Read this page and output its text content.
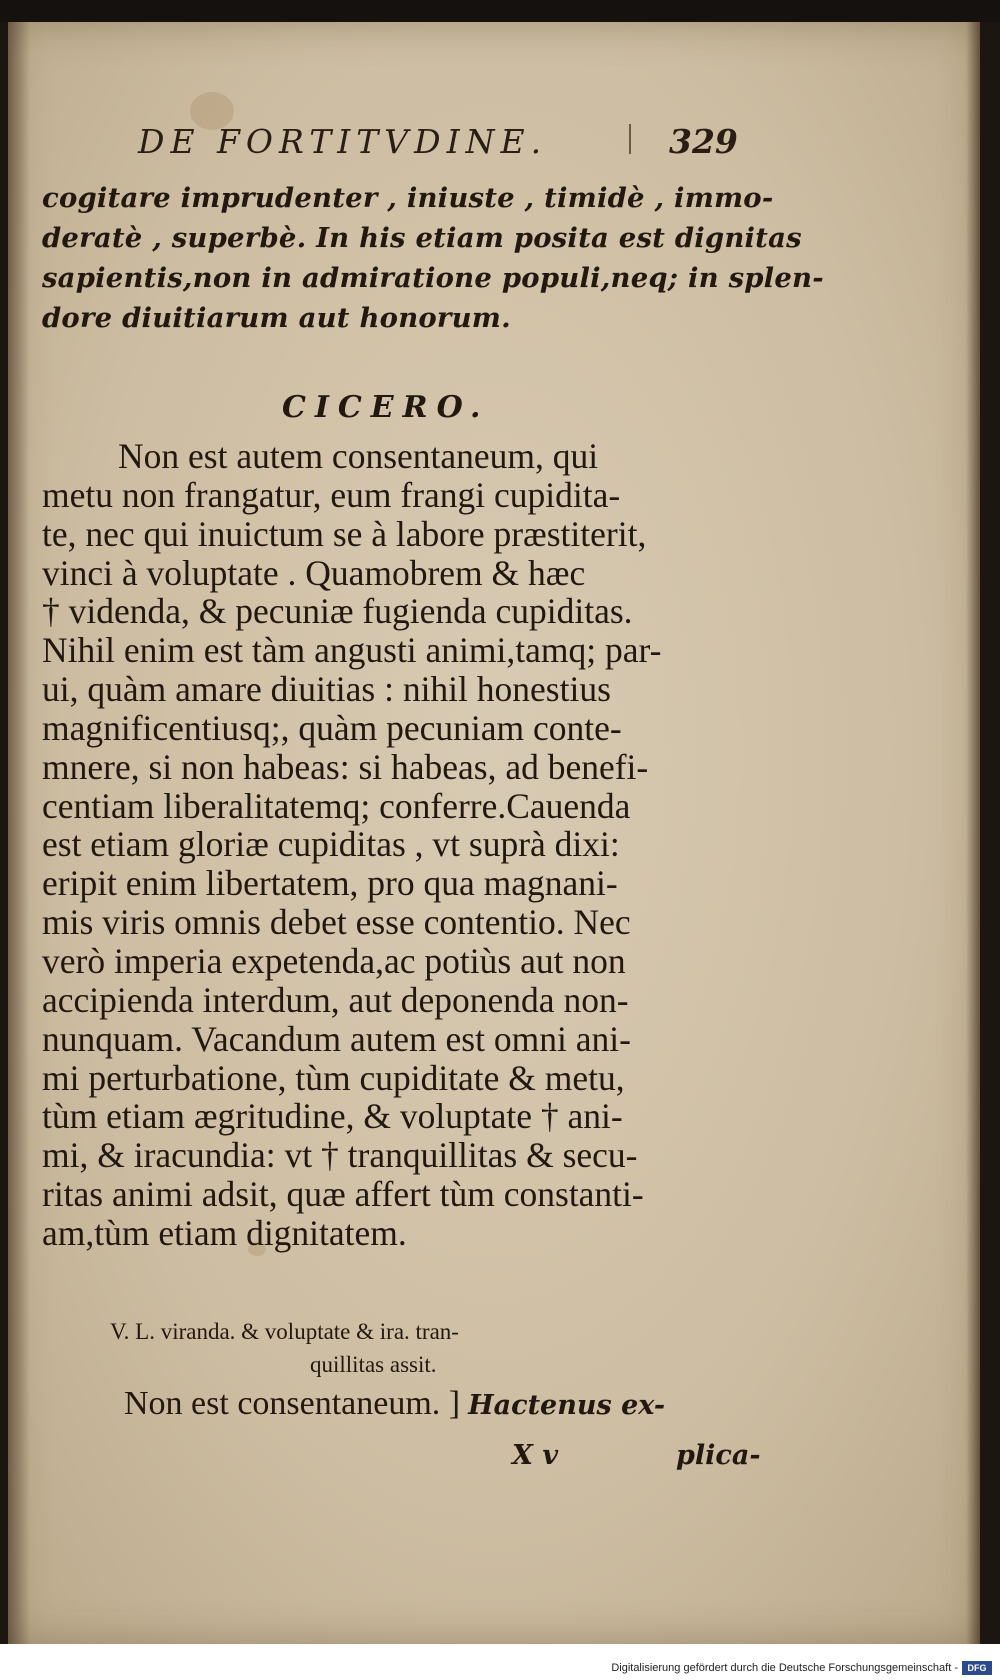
DE FORTITVDINE.	329
cogitare imprudenter , iniuste , timidè , immo-
deratè , superbè. In his etiam posita est dignitas
sapientis,non in admiratione populi,neq; in splen-
dore diuitiarum aut honorum.
CICERO.
Non est autem consentaneum, qui
metu non frangatur, eum frangi cupidita-
te, nec qui inuictum se à labore præstiterit,
vinci à voluptate . Quamobrem & hæc
† videnda, & pecuniæ fugienda cupiditas.
Nihil enim est tàm angusti animi,tamq; par-
ui, quàm amare diuitias : nihil honestius
magnificentiusq;, quàm pecuniam conte-
mnere, si non habeas: si habeas, ad benefi-
centiam liberalitatemq; conferre.Cauenda
est etiam gloriæ cupiditas , vt suprà dixi:
eripit enim libertatem, pro qua magnani-
mis viris omnis debet esse contentio. Nec
verò imperia expetenda,ac potiùs aut non
accipienda interdum, aut deponenda non-
nunquam. Vacandum autem est omni ani-
mi perturbatione, tùm cupiditate & metu,
tùm etiam ægritudine, & voluptate † ani-
mi, & iracundia: vt † tranquillitas & secu-
ritas animi adsit, quæ affert tùm constanti-
am,tùm etiam dignitatem.
V. L. viranda. & voluptate & ira. tran-
quillitas assit.
Non est consentaneum. ] Hactenus ex-
X v	plica-
Digitalisierung gefördert durch die Deutsche Forschungsgemeinschaft -	DFG
